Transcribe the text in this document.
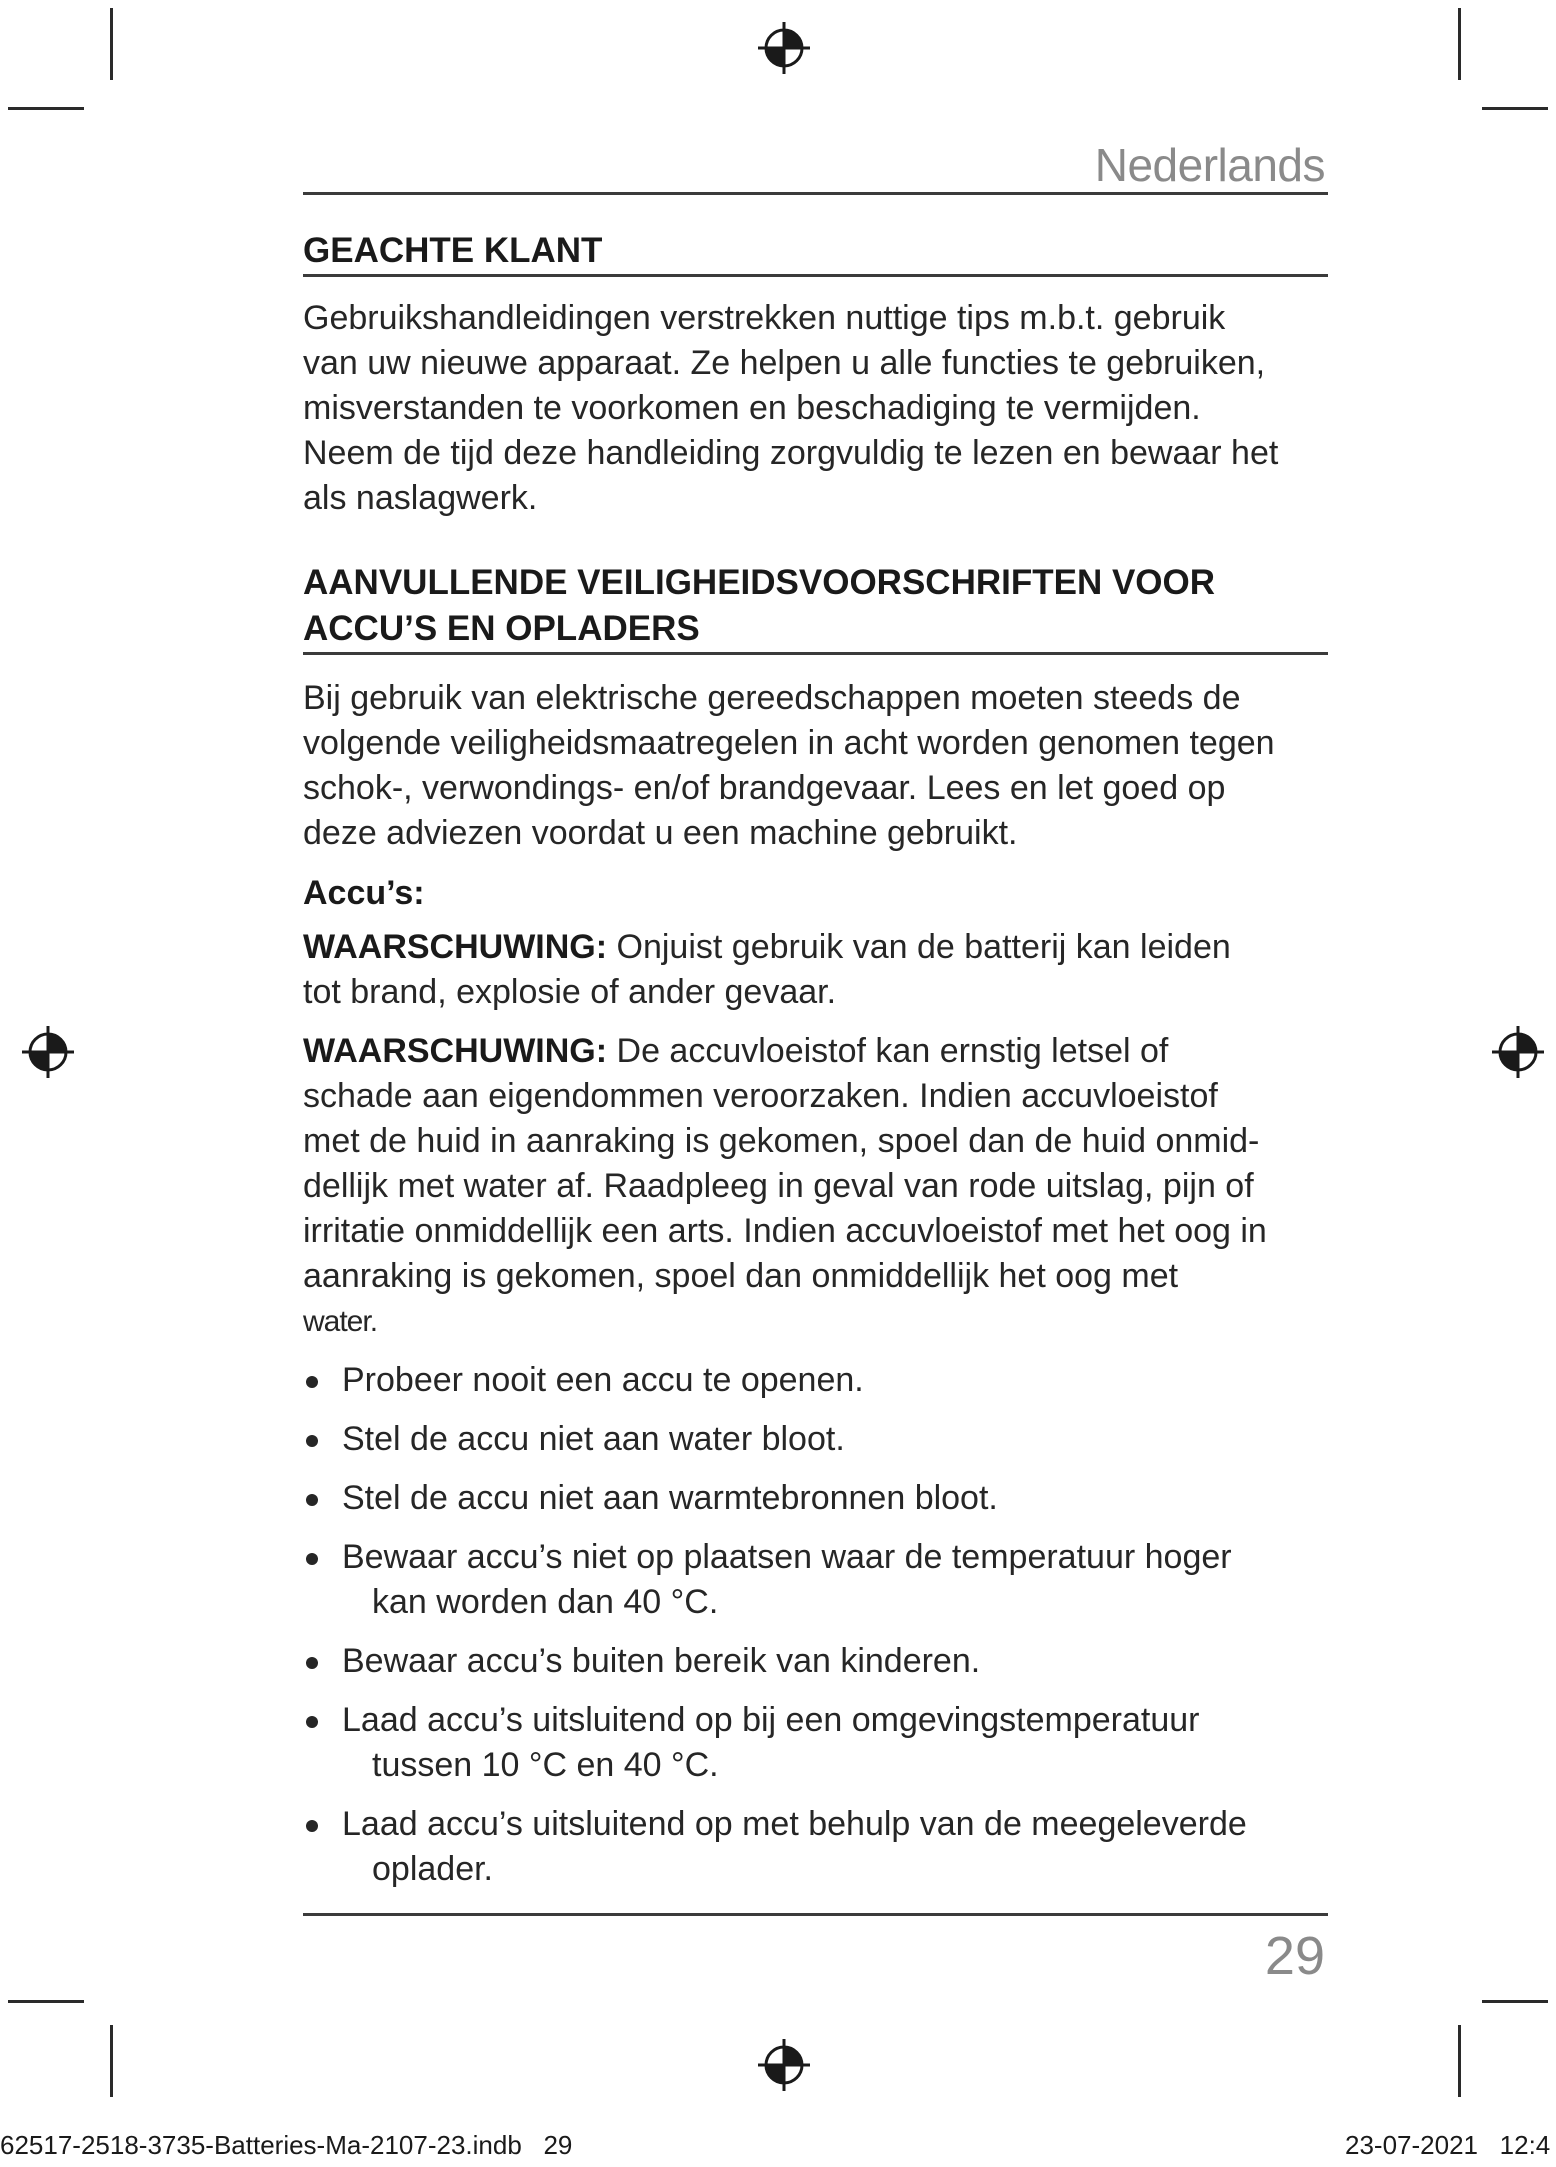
Nederlands
GEACHTE KLANT
Gebruikshandleidingen verstrekken nuttige tips m.b.t. gebruik
van uw nieuwe apparaat. Ze helpen u alle functies te gebruiken,
misverstanden te voorkomen en beschadiging te vermijden.
Neem de tijd deze handleiding zorgvuldig te lezen en bewaar het
als naslagwerk.
AANVULLENDE VEILIGHEIDSVOORSCHRIFTEN VOOR
ACCU’S EN OPLADERS
Bij gebruik van elektrische gereedschappen moeten steeds de
volgende veiligheidsmaatregelen in acht worden genomen tegen
schok-, verwondings- en/of brandgevaar. Lees en let goed op
deze adviezen voordat u een machine gebruikt.
Accu’s:
WAARSCHUWING: Onjuist gebruik van de batterij kan leiden
tot brand, explosie of ander gevaar.
WAARSCHUWING: De accuvloeistof kan ernstig letsel of
schade aan eigendommen veroorzaken. Indien accuvloeistof
met de huid in aanraking is gekomen, spoel dan de huid onmid-
dellijk met water af. Raadpleeg in geval van rode uitslag, pijn of
irritatie onmiddellijk een arts. Indien accuvloeistof met het oog in
aanraking is gekomen, spoel dan onmiddellijk het oog met
water.
Probeer nooit een accu te openen.
Stel de accu niet aan water bloot.
Stel de accu niet aan warmtebronnen bloot.
Bewaar accu’s niet op plaatsen waar de temperatuur hoger
kan worden dan 40 °C.
Bewaar accu’s buiten bereik van kinderen.
Laad accu’s uitsluitend op bij een omgevingstemperatuur
tussen 10 °C en 40 °C.
Laad accu’s uitsluitend op met behulp van de meegeleverde
oplader.
29
62517-2518-3735-Batteries-Ma-2107-23.indb   29	23-07-2021   12:4
